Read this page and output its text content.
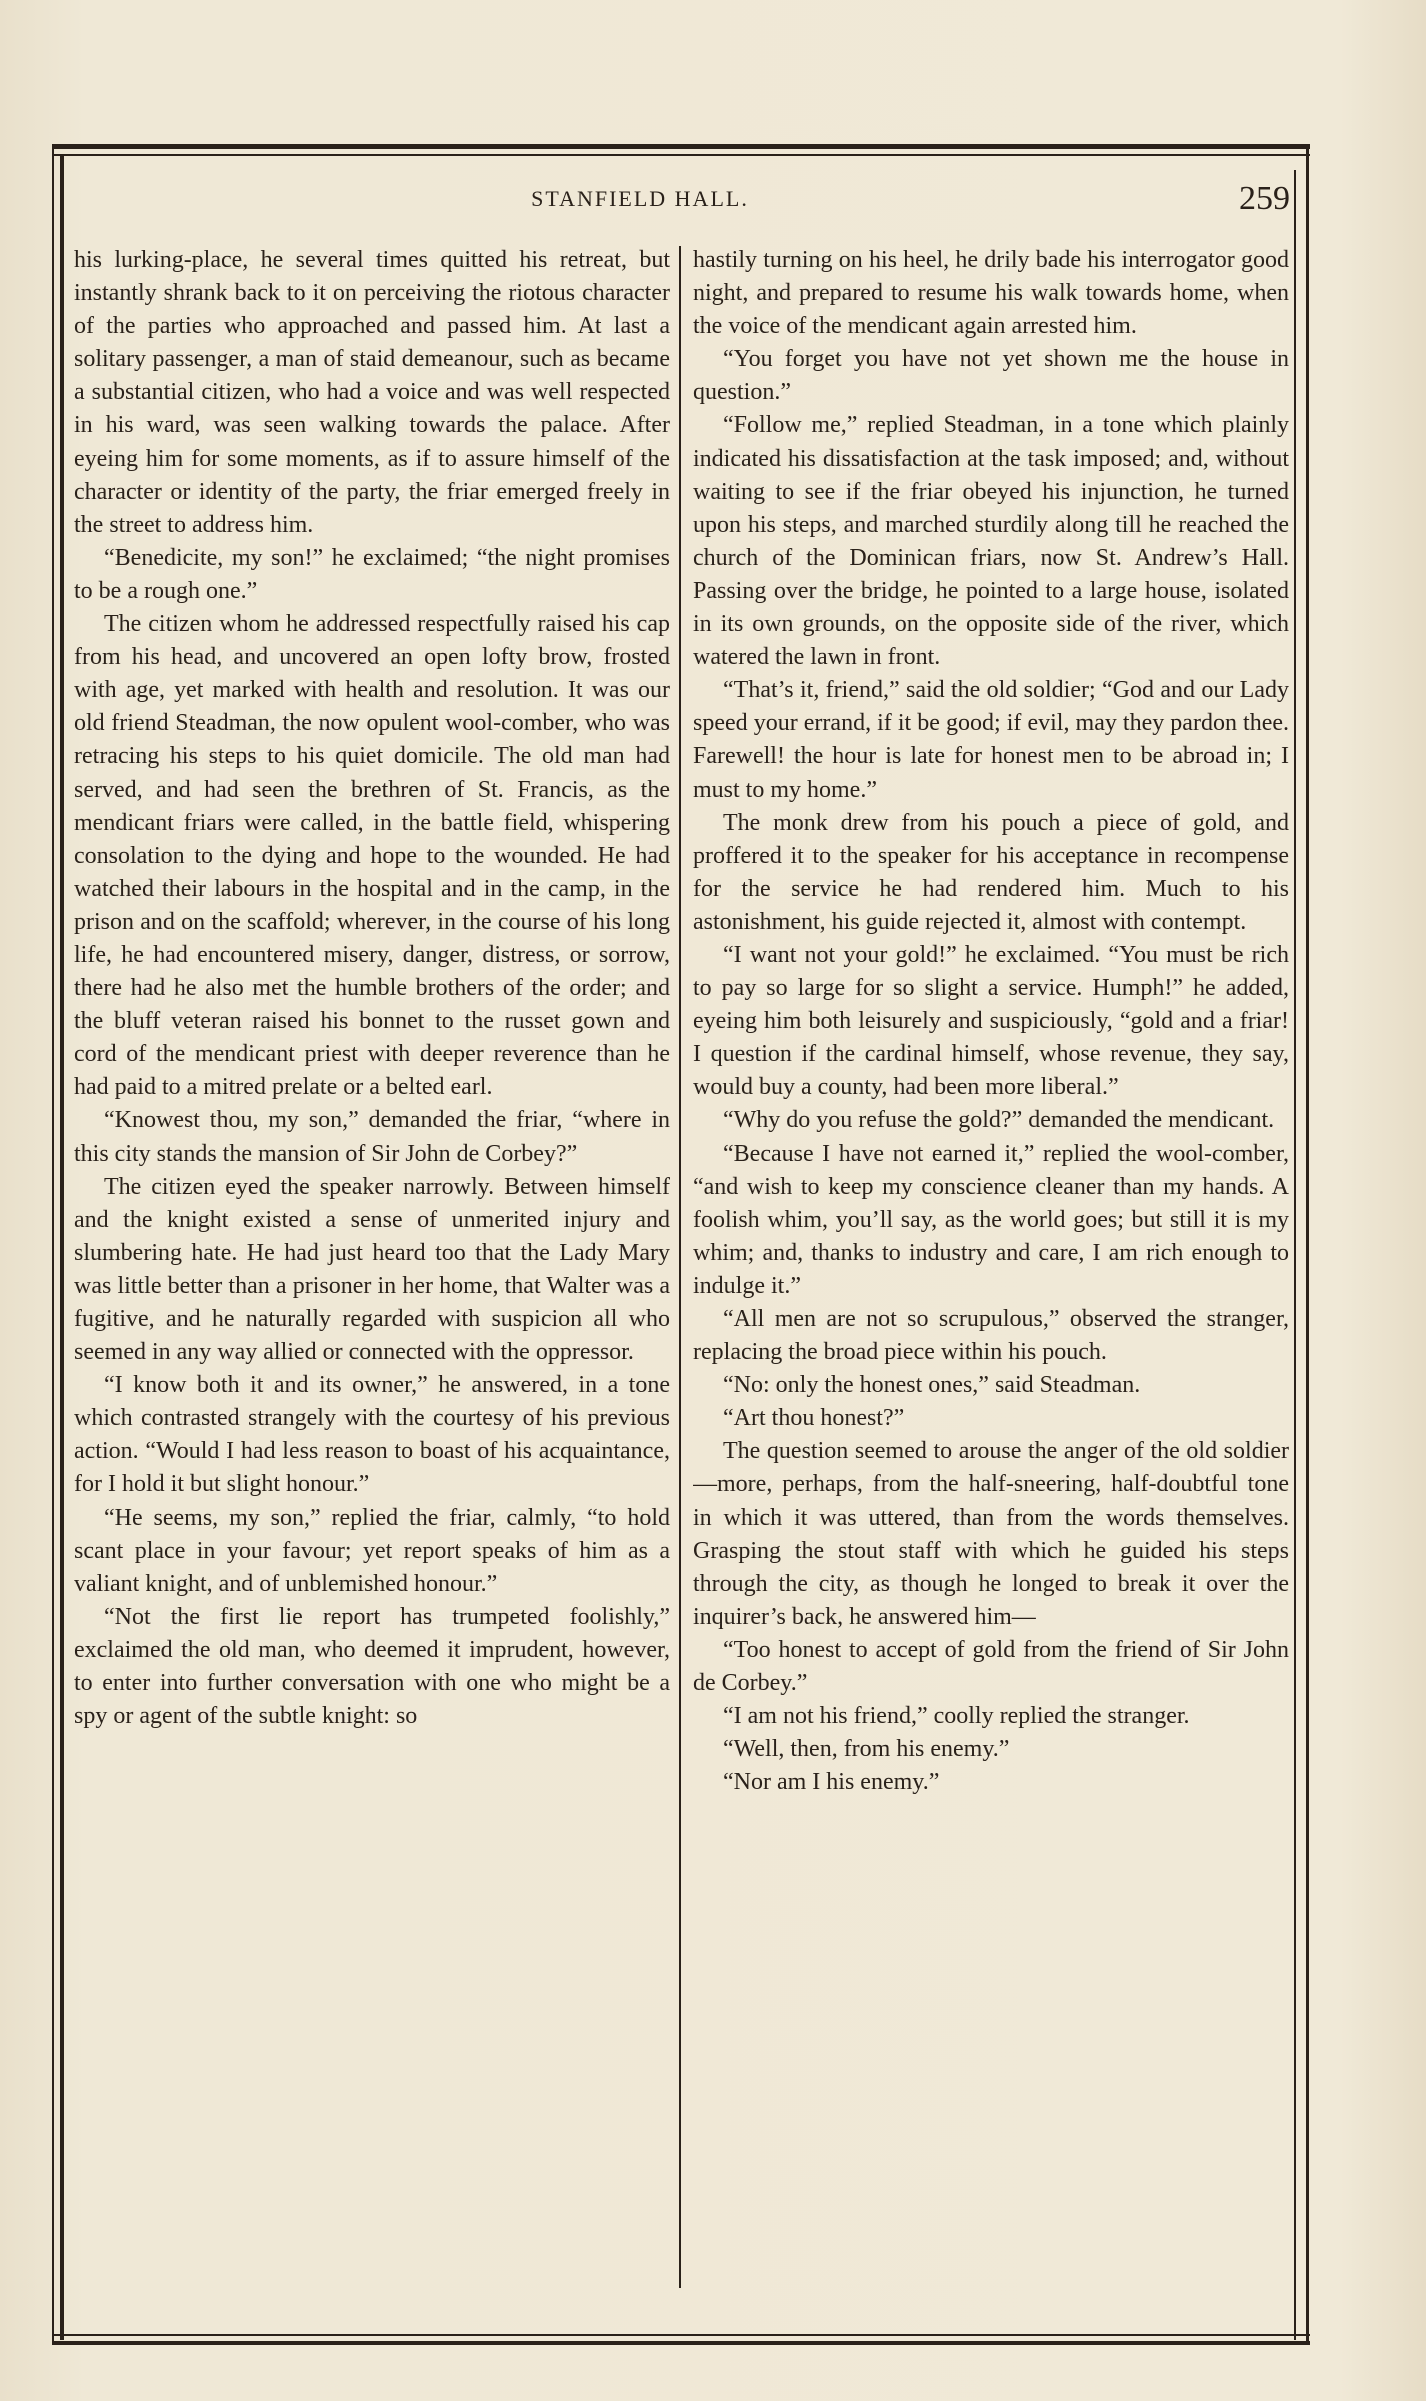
STANFIELD HALL.	259

his lurking-place, he several times quitted his retreat, but instantly shrank back to it on perceiving the riotous character of the parties who approached and passed him. At last a solitary passenger, a man of staid demeanour, such as became a substantial citizen, who had a voice and was well respected in his ward, was seen walking towards the palace. After eyeing him for some moments, as if to assure himself of the character or identity of the party, the friar emerged freely in the street to address him.

“Benedicite, my son!” he exclaimed; “the night promises to be a rough one.”

The citizen whom he addressed respectfully raised his cap from his head, and uncovered an open lofty brow, frosted with age, yet marked with health and resolution. It was our old friend Steadman, the now opulent wool-comber, who was retracing his steps to his quiet domicile. The old man had served, and had seen the brethren of St. Francis, as the mendicant friars were called, in the battle field, whispering consolation to the dying and hope to the wounded. He had watched their labours in the hospital and in the camp, in the prison and on the scaffold; wherever, in the course of his long life, he had encountered misery, danger, distress, or sorrow, there had he also met the humble brothers of the order; and the bluff veteran raised his bonnet to the russet gown and cord of the mendicant priest with deeper reverence than he had paid to a mitred prelate or a belted earl.

“Knowest thou, my son,” demanded the friar, “where in this city stands the mansion of Sir John de Corbey?”

The citizen eyed the speaker narrowly. Between himself and the knight existed a sense of unmerited injury and slumbering hate. He had just heard too that the Lady Mary was little better than a prisoner in her home, that Walter was a fugitive, and he naturally regarded with suspicion all who seemed in any way allied or connected with the oppressor.

“I know both it and its owner,” he answered, in a tone which contrasted strangely with the courtesy of his previous action. “Would I had less reason to boast of his acquaintance, for I hold it but slight honour.”

“He seems, my son,” replied the friar, calmly, “to hold scant place in your favour; yet report speaks of him as a valiant knight, and of unblemished honour.”

“Not the first lie report has trumpeted foolishly,” exclaimed the old man, who deemed it imprudent, however, to enter into further conversation with one who might be a spy or agent of the subtle knight: so

hastily turning on his heel, he drily bade his interrogator good night, and prepared to resume his walk towards home, when the voice of the mendicant again arrested him.

“You forget you have not yet shown me the house in question.”

“Follow me,” replied Steadman, in a tone which plainly indicated his dissatisfaction at the task imposed; and, without waiting to see if the friar obeyed his injunction, he turned upon his steps, and marched sturdily along till he reached the church of the Dominican friars, now St. Andrew’s Hall. Passing over the bridge, he pointed to a large house, isolated in its own grounds, on the opposite side of the river, which watered the lawn in front.

“That’s it, friend,” said the old soldier; “God and our Lady speed your errand, if it be good; if evil, may they pardon thee. Farewell! the hour is late for honest men to be abroad in; I must to my home.”

The monk drew from his pouch a piece of gold, and proffered it to the speaker for his acceptance in recompense for the service he had rendered him. Much to his astonishment, his guide rejected it, almost with contempt.

“I want not your gold!” he exclaimed. “You must be rich to pay so large for so slight a service. Humph!” he added, eyeing him both leisurely and suspiciously, “gold and a friar! I question if the cardinal himself, whose revenue, they say, would buy a county, had been more liberal.”

“Why do you refuse the gold?” demanded the mendicant.

“Because I have not earned it,” replied the wool-comber, “and wish to keep my conscience cleaner than my hands. A foolish whim, you’ll say, as the world goes; but still it is my whim; and, thanks to industry and care, I am rich enough to indulge it.”

“All men are not so scrupulous,” observed the stranger, replacing the broad piece within his pouch.

“No: only the honest ones,” said Steadman.

“Art thou honest?”

The question seemed to arouse the anger of the old soldier—more, perhaps, from the half-sneering, half-doubtful tone in which it was uttered, than from the words themselves. Grasping the stout staff with which he guided his steps through the city, as though he longed to break it over the inquirer’s back, he answered him—

“Too honest to accept of gold from the friend of Sir John de Corbey.”

“I am not his friend,” coolly replied the stranger.

“Well, then, from his enemy.”

“Nor am I his enemy.”
